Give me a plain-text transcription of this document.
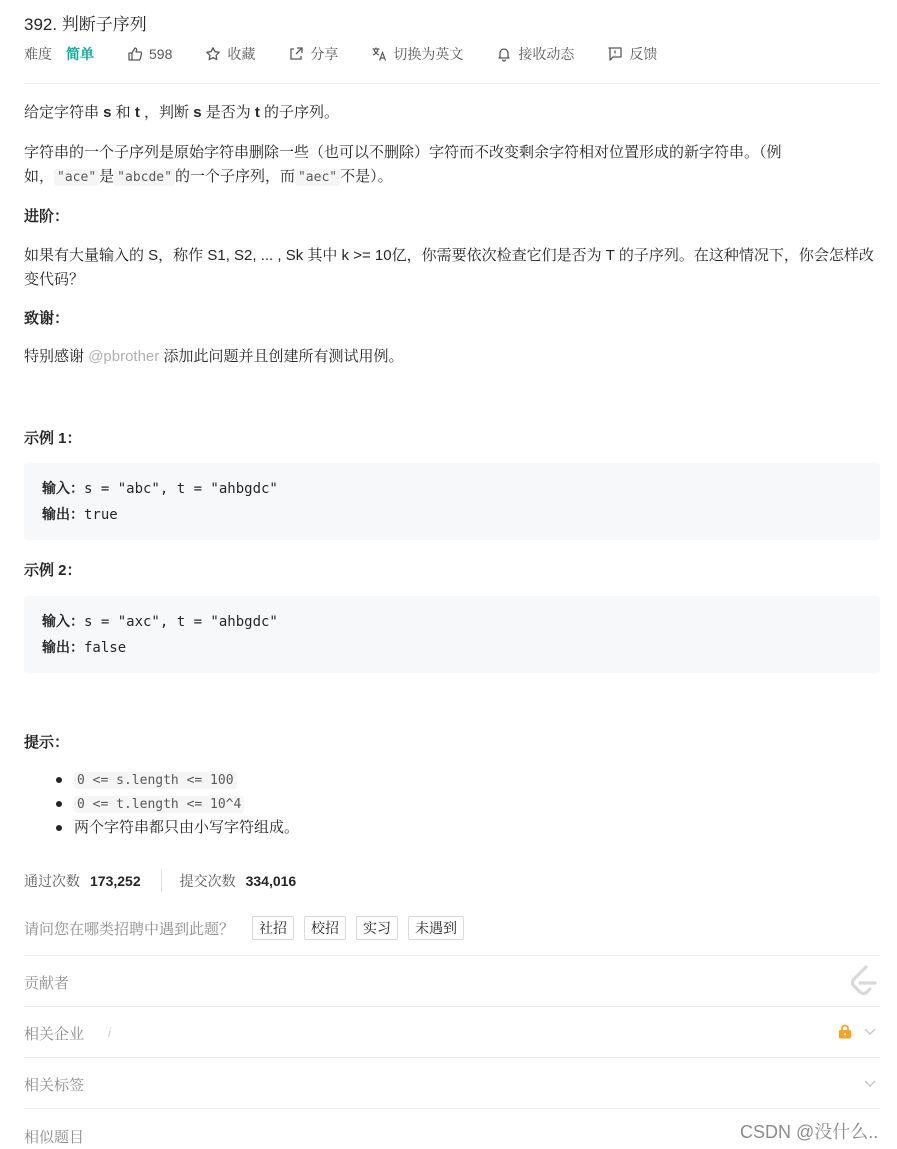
392. 判断子序列
难度 简单	598	收藏	分享	切换为英文	接收动态	反馈
给定字符串 s 和 t ，判断 s 是否为 t 的子序列。
字符串的一个子序列是原始字符串删除一些（也可以不删除）字符而不改变剩余字符相对位置形成的新字符串。（例如， "ace" 是 "abcde" 的一个子序列，而 "aec" 不是）。
进阶：
如果有大量输入的 S，称作 S1, S2, ... , Sk 其中 k >= 10亿，你需要依次检查它们是否为 T 的子序列。在这种情况下，你会怎样改变代码？
致谢：
特别感谢 @pbrother 添加此问题并且创建所有测试用例。
示例 1：
输入：s = "abc", t = "ahbgdc"
输出：true
示例 2：
输入：s = "axc", t = "ahbgdc"
输出：false
提示：
0 <= s.length <= 100
0 <= t.length <= 10^4
两个字符串都只由小写字符组成。
通过次数 173,252	提交次数 334,016
请问您在哪类招聘中遇到此题？	社招	校招	实习	未遇到
贡献者
相关企业 i
相关标签
相似题目	CSDN @没什么..
